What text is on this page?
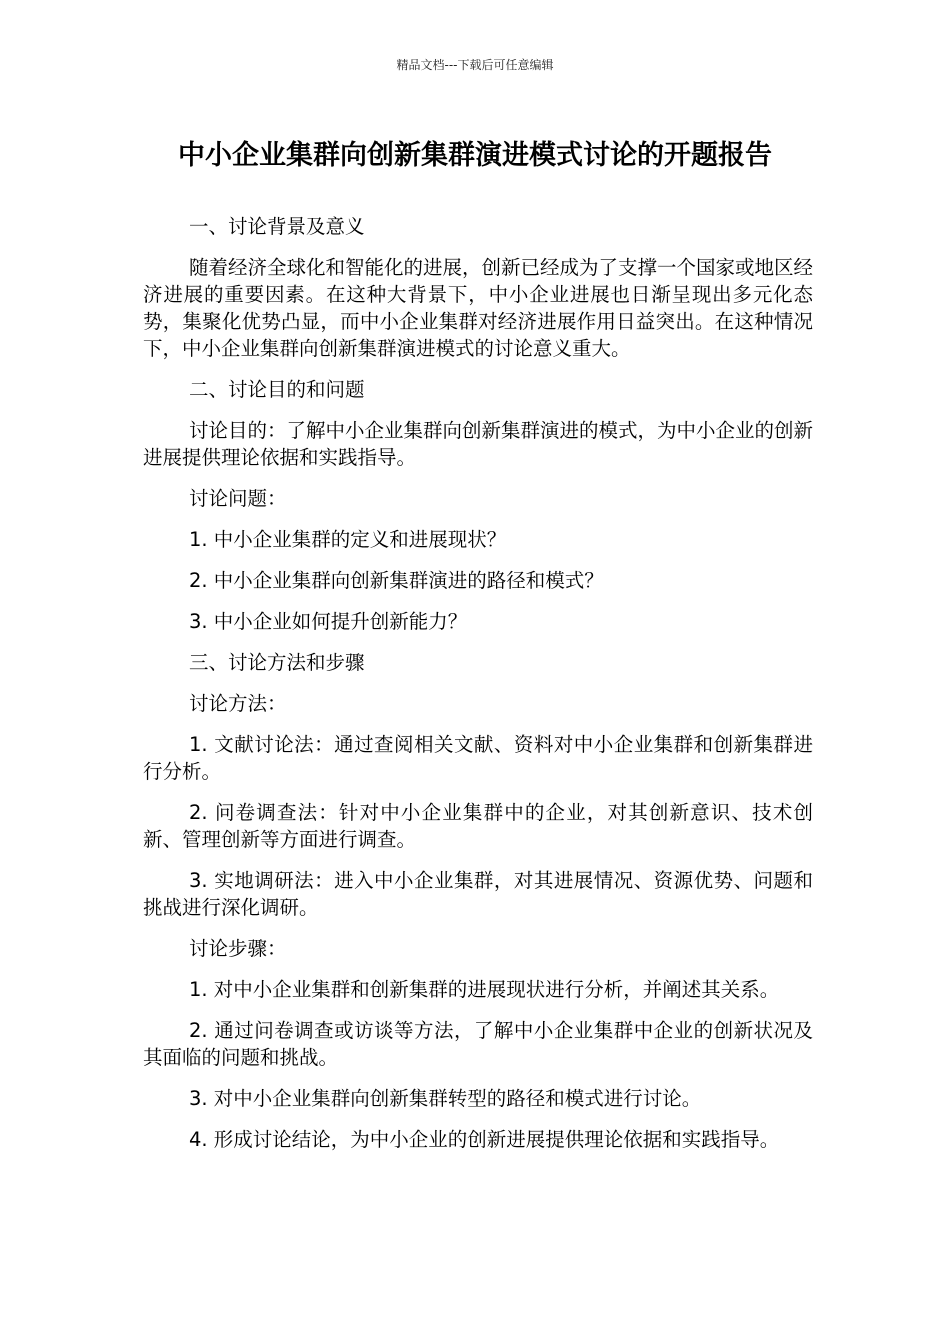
精品文档---下载后可任意编辑
中小企业集群向创新集群演进模式讨论的开题报告

一、讨论背景及意义

随着经济全球化和智能化的进展，创新已经成为了支撑一个国家或地区经济进展的重要因素。在这种大背景下，中小企业进展也日渐呈现出多元化态势，集聚化优势凸显，而中小企业集群对经济进展作用日益突出。在这种情况下，中小企业集群向创新集群演进模式的讨论意义重大。

二、讨论目的和问题

讨论目的：了解中小企业集群向创新集群演进的模式，为中小企业的创新进展提供理论依据和实践指导。

讨论问题：

1. 中小企业集群的定义和进展现状？

2. 中小企业集群向创新集群演进的路径和模式？

3. 中小企业如何提升创新能力？

三、讨论方法和步骤

讨论方法：

1. 文献讨论法：通过查阅相关文献、资料对中小企业集群和创新集群进行分析。

2. 问卷调查法：针对中小企业集群中的企业，对其创新意识、技术创新、管理创新等方面进行调查。

3. 实地调研法：进入中小企业集群，对其进展情况、资源优势、问题和挑战进行深化调研。

讨论步骤：

1. 对中小企业集群和创新集群的进展现状进行分析，并阐述其关系。

2. 通过问卷调查或访谈等方法，了解中小企业集群中企业的创新状况及其面临的问题和挑战。

3. 对中小企业集群向创新集群转型的路径和模式进行讨论。

4. 形成讨论结论，为中小企业的创新进展提供理论依据和实践指导。
